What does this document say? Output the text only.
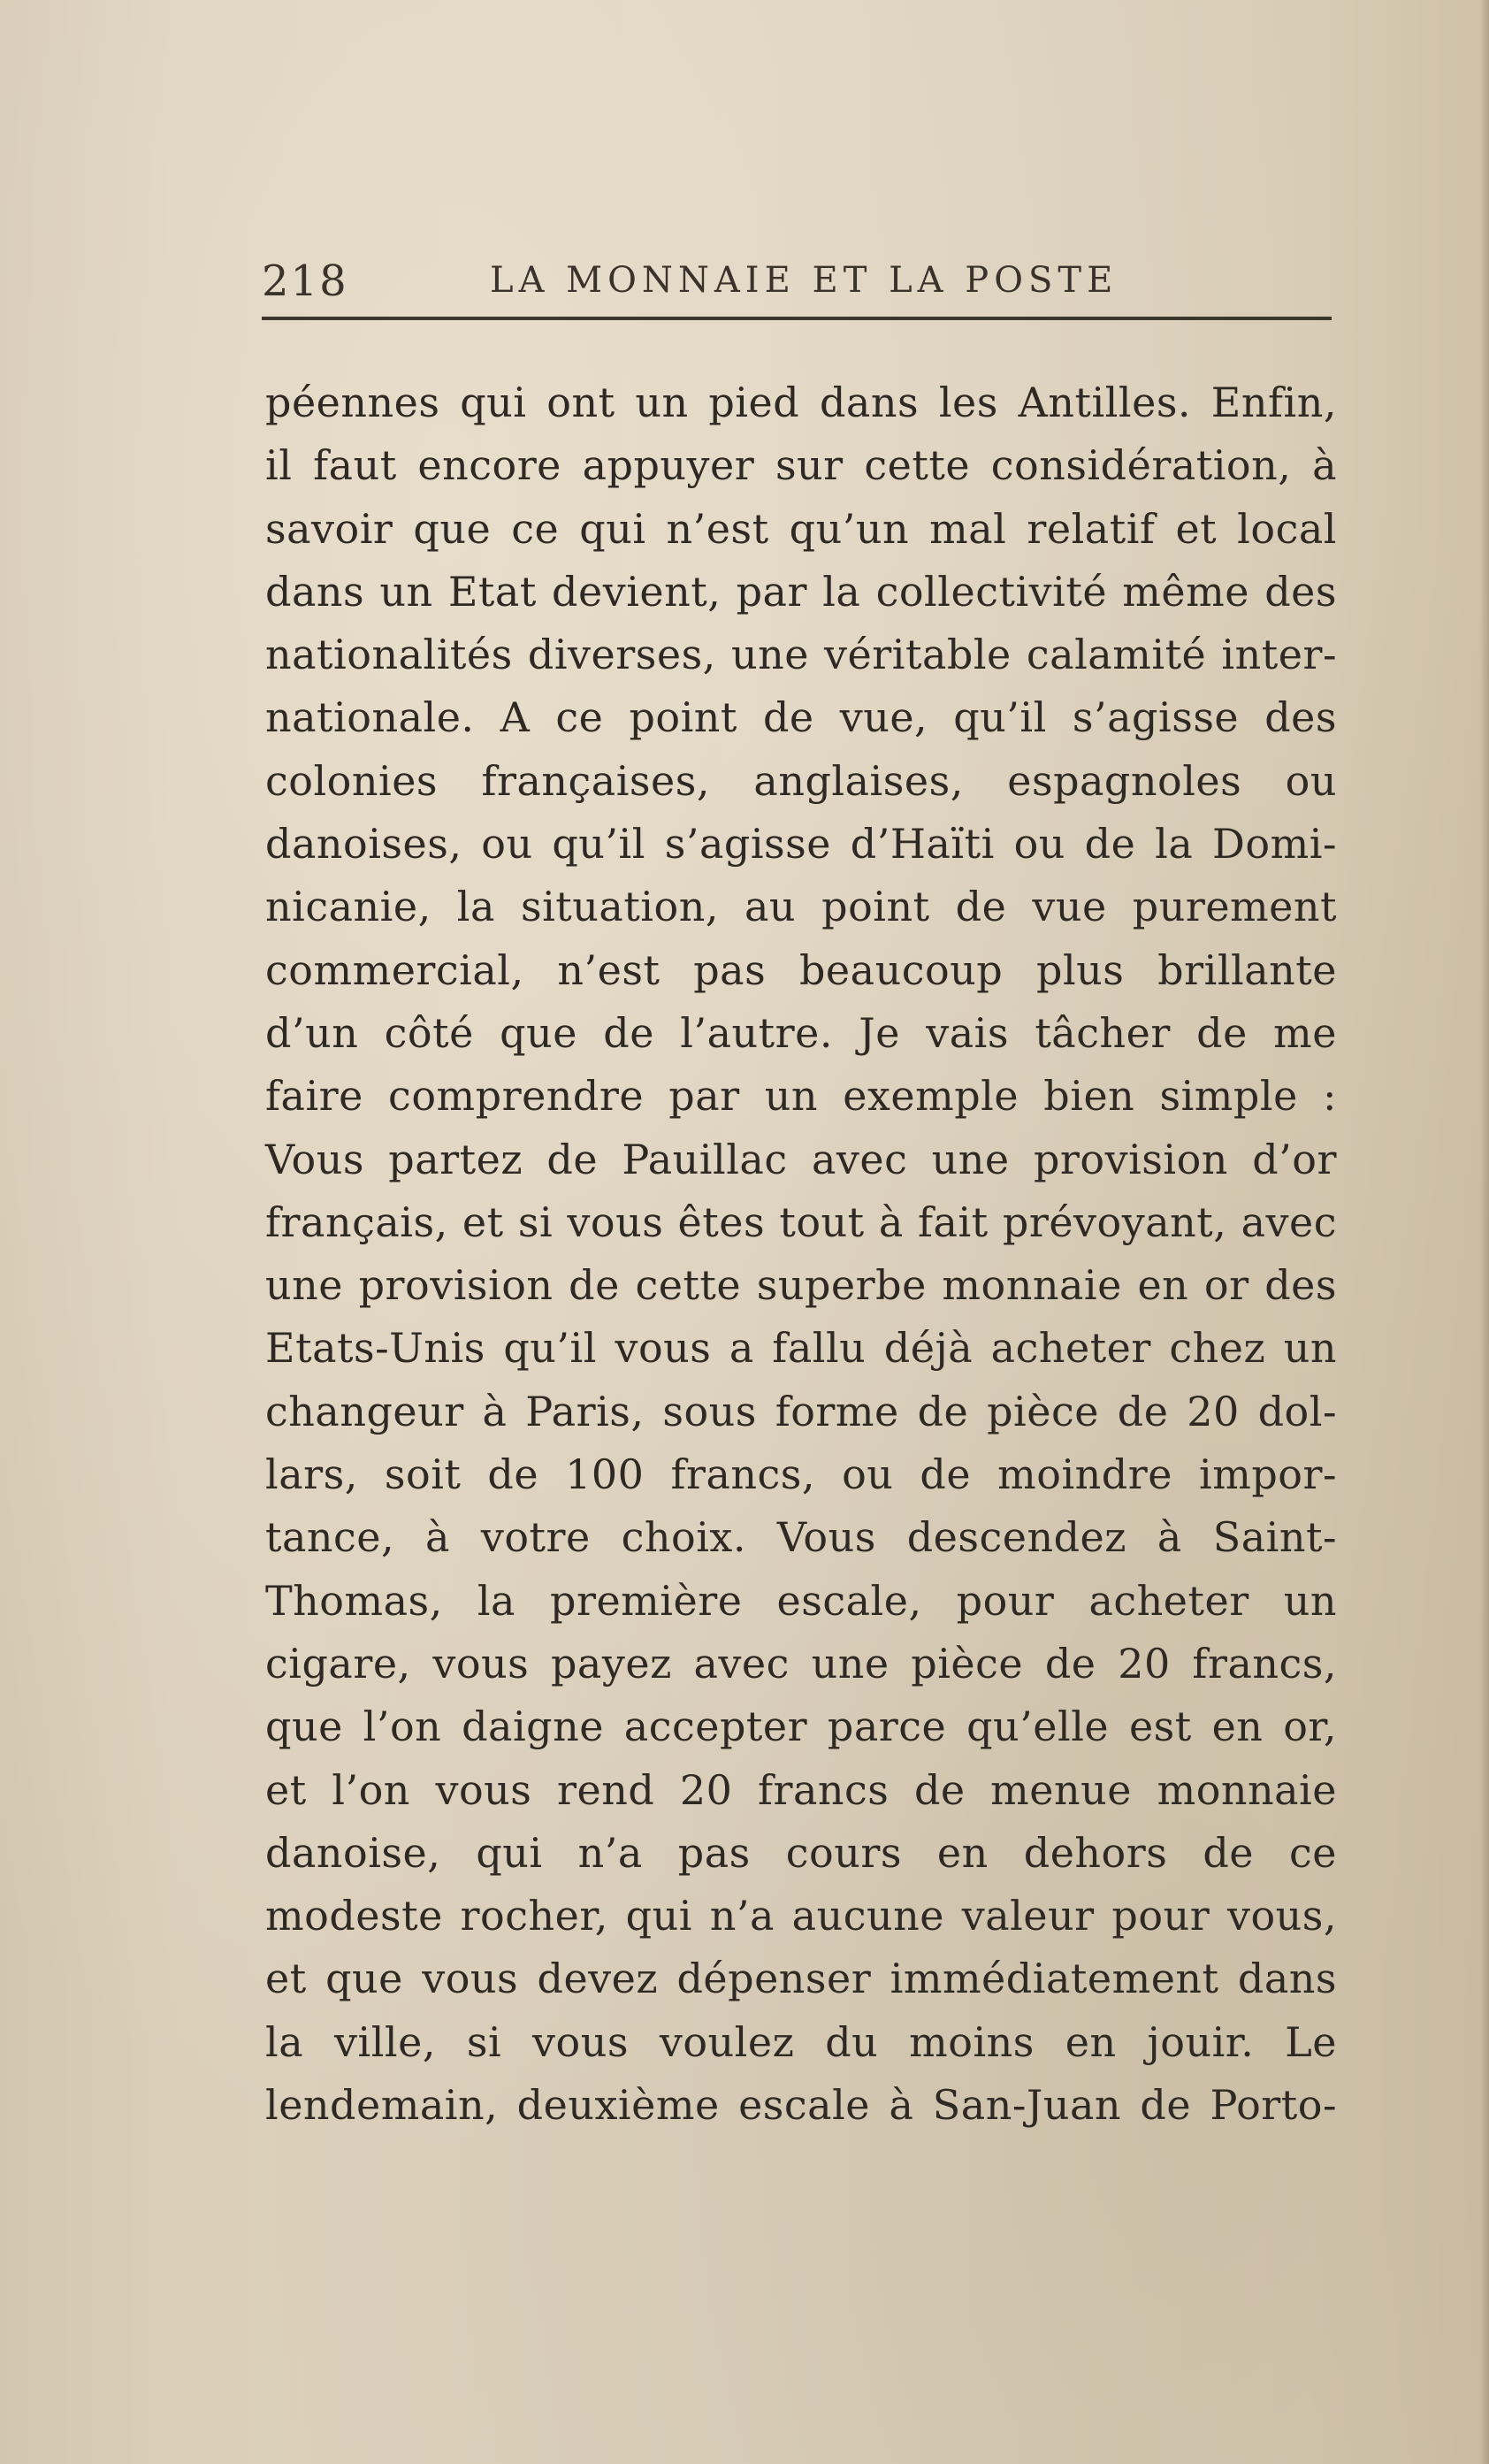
218	LA MONNAIE ET LA POSTE
péennes qui ont un pied dans les Antilles. Enfin,
il faut encore appuyer sur cette considération, à
savoir que ce qui n’est qu’un mal relatif et local
dans un Etat devient, par la collectivité même des
nationalités diverses, une véritable calamité inter-
nationale. A ce point de vue, qu’il s’agisse des
colonies françaises, anglaises, espagnoles ou
danoises, ou qu’il s’agisse d’Haïti ou de la Domi-
nicanie, la situation, au point de vue purement
commercial, n’est pas beaucoup plus brillante
d’un côté que de l’autre. Je vais tâcher de me
faire comprendre par un exemple bien simple :
Vous partez de Pauillac avec une provision d’or
français, et si vous êtes tout à fait prévoyant, avec
une provision de cette superbe monnaie en or des
Etats-Unis qu’il vous a fallu déjà acheter chez un
changeur à Paris, sous forme de pièce de 20 dol-
lars, soit de 100 francs, ou de moindre impor-
tance, à votre choix. Vous descendez à Saint-
Thomas, la première escale, pour acheter un
cigare, vous payez avec une pièce de 20 francs,
que l’on daigne accepter parce qu’elle est en or,
et l’on vous rend 20 francs de menue monnaie
danoise, qui n’a pas cours en dehors de ce
modeste rocher, qui n’a aucune valeur pour vous,
et que vous devez dépenser immédiatement dans
la ville, si vous voulez du moins en jouir. Le
lendemain, deuxième escale à San-Juan de Porto-
